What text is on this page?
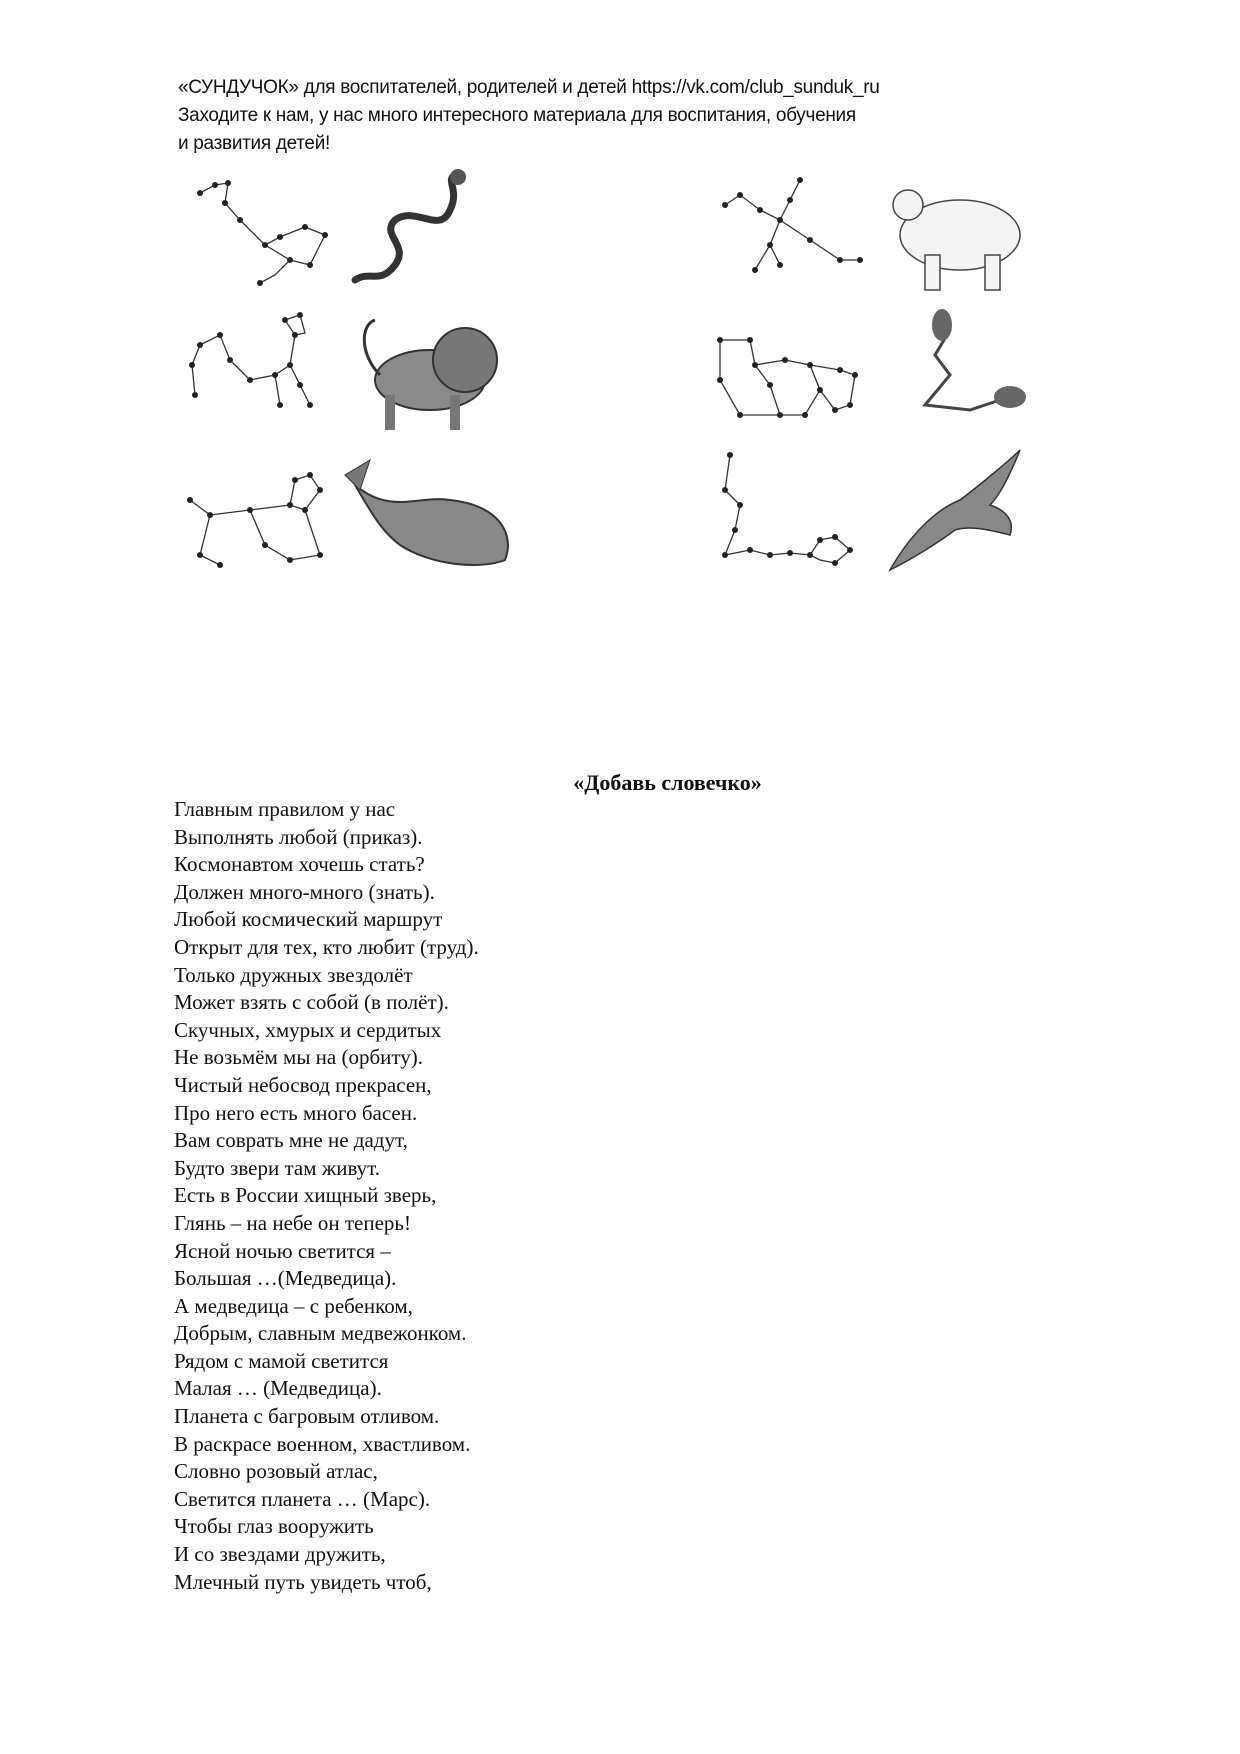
«СУНДУЧОК» для воспитателей, родителей и детей https://vk.com/club_sunduk_ru
Заходите к нам, у нас много интересного материала для воспитания, обучения
и развития детей!
«Добавь словечко»
Главным правилом у нас
Выполнять любой (приказ).
Космонавтом хочешь стать?
Должен много-много (знать).
Любой космический маршрут
Открыт для тех, кто любит (труд).
Только дружных звездолёт
Может взять с собой (в полёт).
Скучных, хмурых и сердитых
Не возьмём мы на (орбиту).
Чистый небосвод прекрасен,
Про него есть много басен.
Вам соврать мне не дадут,
Будто звери там живут.
Есть в России хищный зверь,
Глянь – на небе он теперь!
Ясной ночью светится –
Большая …(Медведица).
А медведица – с ребенком,
Добрым, славным медвежонком.
Рядом с мамой светится
Малая … (Медведица).
Планета с багровым отливом.
В раскрасе военном, хвастливом.
Словно розовый атлас,
Светится планета … (Марс).
Чтобы глаз вооружить
И со звездами дружить,
Млечный путь увидеть чтоб,
